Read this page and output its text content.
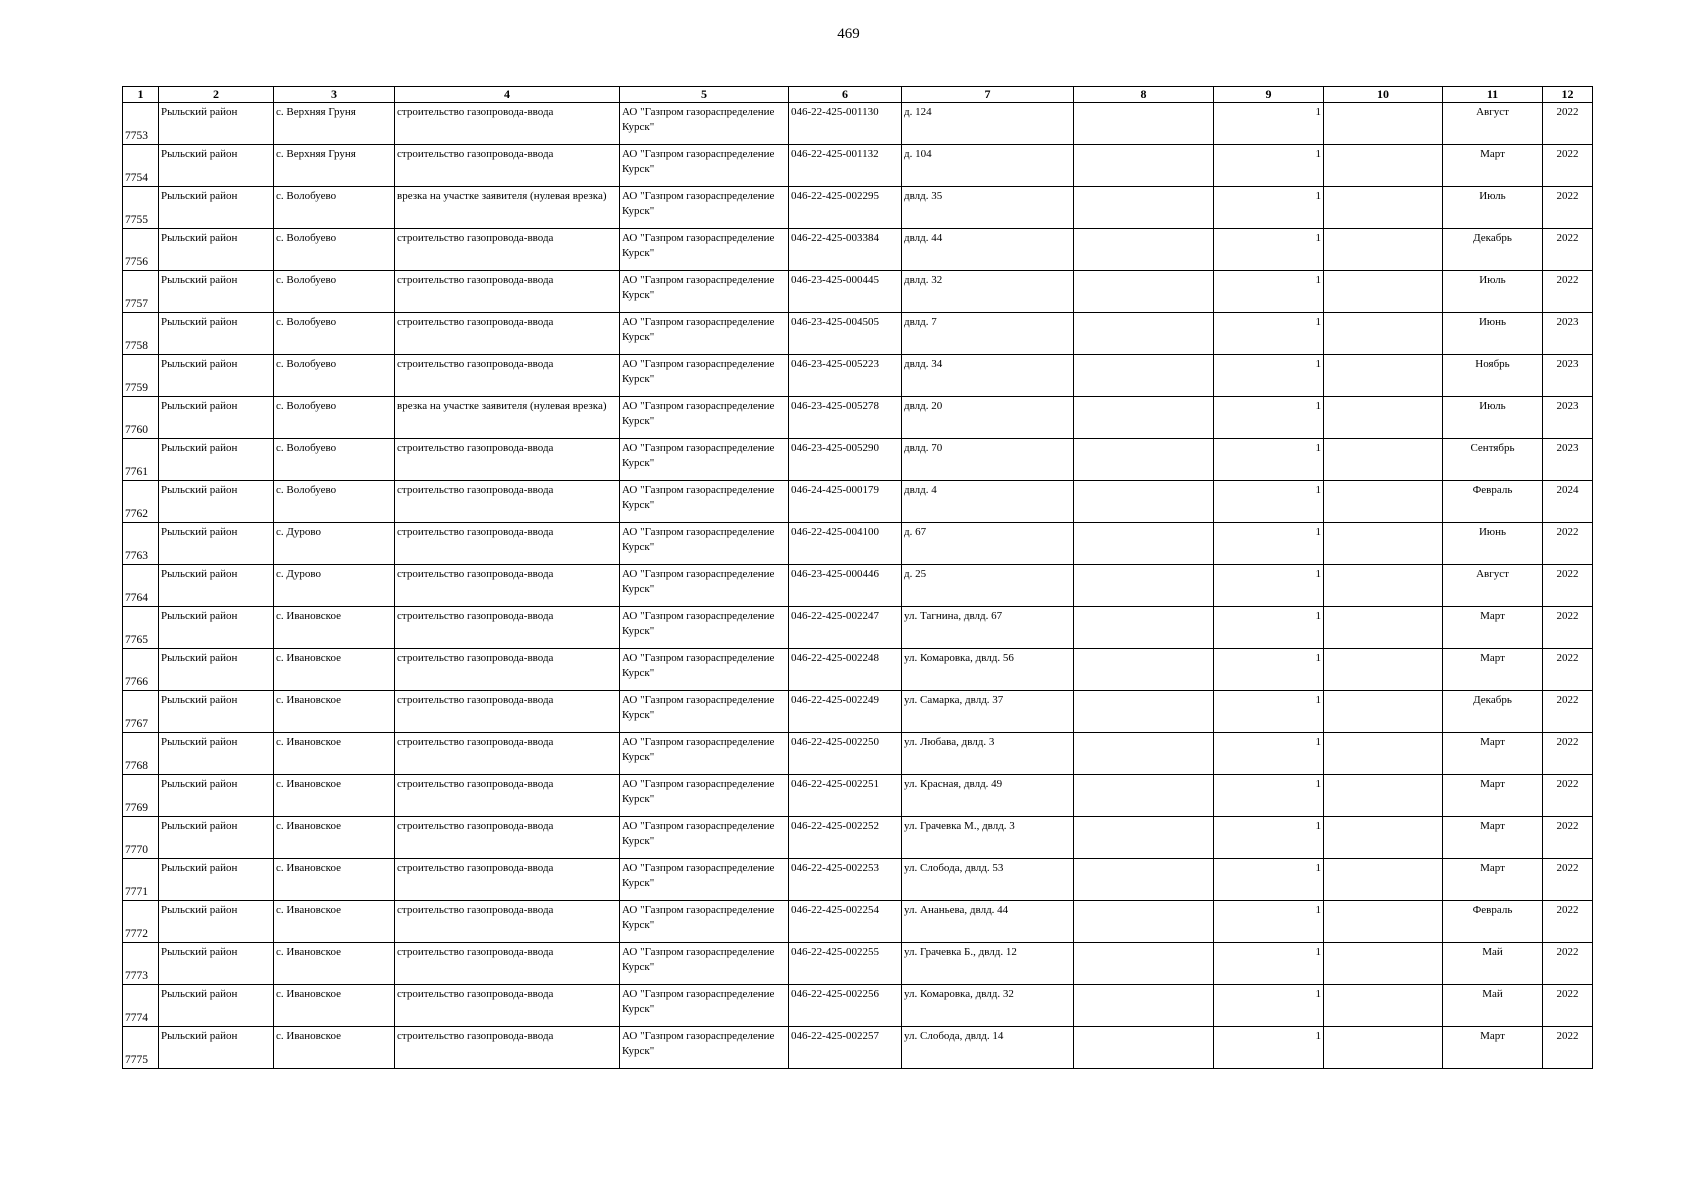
469
1	2	3	4	5	6	7	8	9	10	11	12
7753	Рыльский район	с. Верхняя Груня	строительство газопровода-ввода	АО "Газпром газораспределение Курск"	046-22-425-001130	д. 124		1		Август	2022
7754	Рыльский район	с. Верхняя Груня	строительство газопровода-ввода	АО "Газпром газораспределение Курск"	046-22-425-001132	д. 104		1		Март	2022
7755	Рыльский район	с. Волобуево	врезка на участке заявителя (нулевая врезка)	АО "Газпром газораспределение Курск"	046-22-425-002295	двлд. 35		1		Июль	2022
7756	Рыльский район	с. Волобуево	строительство газопровода-ввода	АО "Газпром газораспределение Курск"	046-22-425-003384	двлд. 44		1		Декабрь	2022
7757	Рыльский район	с. Волобуево	строительство газопровода-ввода	АО "Газпром газораспределение Курск"	046-23-425-000445	двлд. 32		1		Июль	2022
7758	Рыльский район	с. Волобуево	строительство газопровода-ввода	АО "Газпром газораспределение Курск"	046-23-425-004505	двлд. 7		1		Июнь	2023
7759	Рыльский район	с. Волобуево	строительство газопровода-ввода	АО "Газпром газораспределение Курск"	046-23-425-005223	двлд. 34		1		Ноябрь	2023
7760	Рыльский район	с. Волобуево	врезка на участке заявителя (нулевая врезка)	АО "Газпром газораспределение Курск"	046-23-425-005278	двлд. 20		1		Июль	2023
7761	Рыльский район	с. Волобуево	строительство газопровода-ввода	АО "Газпром газораспределение Курск"	046-23-425-005290	двлд. 70		1		Сентябрь	2023
7762	Рыльский район	с. Волобуево	строительство газопровода-ввода	АО "Газпром газораспределение Курск"	046-24-425-000179	двлд. 4		1		Февраль	2024
7763	Рыльский район	с. Дурово	строительство газопровода-ввода	АО "Газпром газораспределение Курск"	046-22-425-004100	д. 67		1		Июнь	2022
7764	Рыльский район	с. Дурово	строительство газопровода-ввода	АО "Газпром газораспределение Курск"	046-23-425-000446	д. 25		1		Август	2022
7765	Рыльский район	с. Ивановское	строительство газопровода-ввода	АО "Газпром газораспределение Курск"	046-22-425-002247	ул. Тагнина, двлд. 67		1		Март	2022
7766	Рыльский район	с. Ивановское	строительство газопровода-ввода	АО "Газпром газораспределение Курск"	046-22-425-002248	ул. Комаровка, двлд. 56		1		Март	2022
7767	Рыльский район	с. Ивановское	строительство газопровода-ввода	АО "Газпром газораспределение Курск"	046-22-425-002249	ул. Самарка, двлд. 37		1		Декабрь	2022
7768	Рыльский район	с. Ивановское	строительство газопровода-ввода	АО "Газпром газораспределение Курск"	046-22-425-002250	ул. Любава, двлд. 3		1		Март	2022
7769	Рыльский район	с. Ивановское	строительство газопровода-ввода	АО "Газпром газораспределение Курск"	046-22-425-002251	ул. Красная, двлд. 49		1		Март	2022
7770	Рыльский район	с. Ивановское	строительство газопровода-ввода	АО "Газпром газораспределение Курск"	046-22-425-002252	ул. Грачевка М., двлд. 3		1		Март	2022
7771	Рыльский район	с. Ивановское	строительство газопровода-ввода	АО "Газпром газораспределение Курск"	046-22-425-002253	ул. Слобода, двлд. 53		1		Март	2022
7772	Рыльский район	с. Ивановское	строительство газопровода-ввода	АО "Газпром газораспределение Курск"	046-22-425-002254	ул. Ананьева, двлд. 44		1		Февраль	2022
7773	Рыльский район	с. Ивановское	строительство газопровода-ввода	АО "Газпром газораспределение Курск"	046-22-425-002255	ул. Грачевка Б., двлд. 12		1		Май	2022
7774	Рыльский район	с. Ивановское	строительство газопровода-ввода	АО "Газпром газораспределение Курск"	046-22-425-002256	ул. Комаровка, двлд. 32		1		Май	2022
7775	Рыльский район	с. Ивановское	строительство газопровода-ввода	АО "Газпром газораспределение Курск"	046-22-425-002257	ул. Слобода, двлд. 14		1		Март	2022
